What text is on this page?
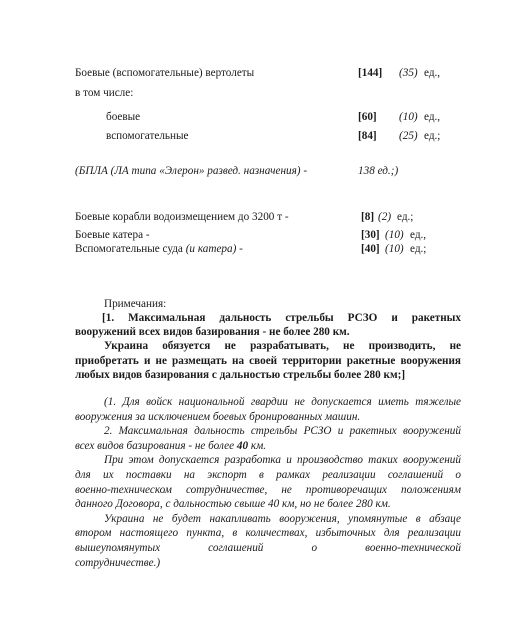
Боевые (вспомогательные) вертолеты	[144] (35) ед.,
в том числе:
боевые	[60] (10) ед.,
вспомогательные	[84] (25) ед.;
(БПЛА (ЛА типа «Элерон» развед. назначения) -	138 ед.;)
Боевые корабли водоизмещением до 3200 т -	[8] (2) ед.;
Боевые катера -	[30] (10) ед.,
Вспомогательные суда (и катера) -	[40] (10) ед.;
Примечания:
[1. Максимальная дальность стрельбы РСЗО и ракетных
вооружений всех видов базирования - не более 280 км.
Украина обязуется не разрабатывать, не производить, не
приобретать и не размещать на своей территории ракетные вооружения
любых видов базирования с дальностью стрельбы более 280 км;]
(1. Для войск национальной гвардии не допускается иметь тяжелые
вооружения за исключением боевых бронированных машин.
2. Максимальная дальность стрельбы РСЗО и ракетных вооружений
всех видов базирования - не более 40 км.
При этом допускается разработка и производство таких вооружений
для их поставки на экспорт в рамках реализации соглашений о
военно-техническом сотрудничестве, не противоречащих положениям
данного Договора, с дальностью свыше 40 км, но не более 280 км.
Украина не будет накапливать вооружения, упомянутые в абзаце
втором настоящего пункта, в количествах, избыточных для реализации
вышеупомянутых соглашений о военно-технической
сотрудничестве.)
